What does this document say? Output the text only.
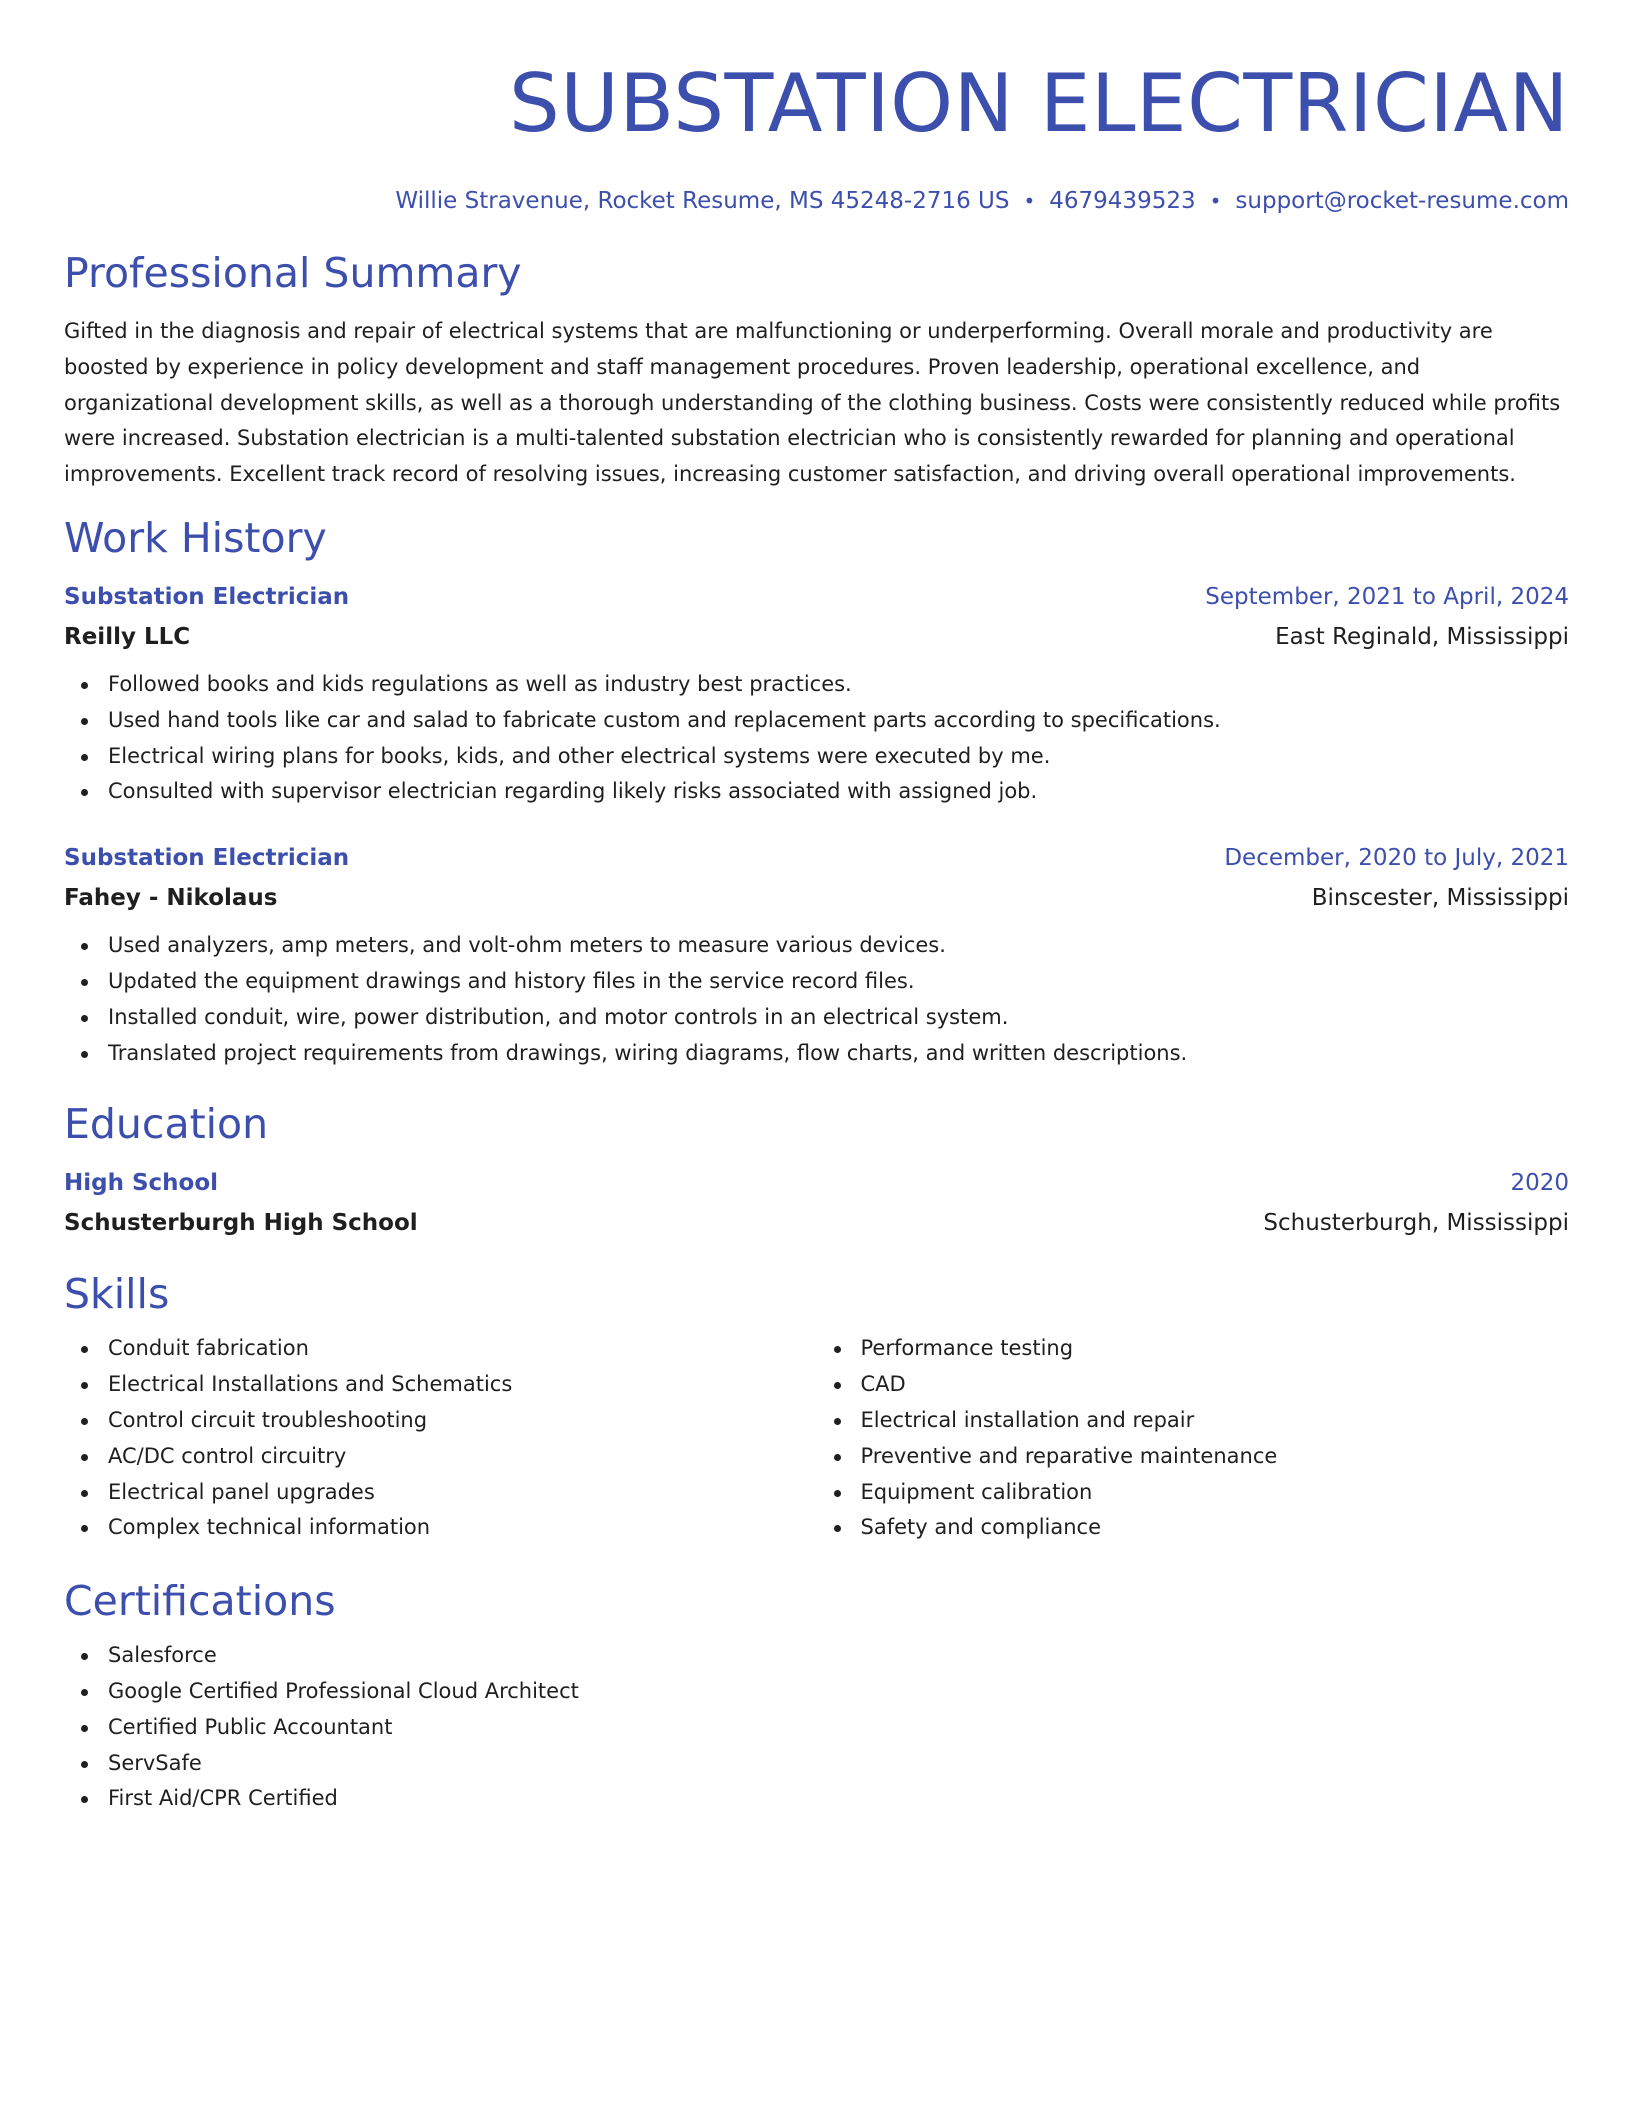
SUBSTATION ELECTRICIAN
Willie Stravenue, Rocket Resume, MS 45248-2716 US • 4679439523 • support@rocket-resume.com
Professional Summary
Gifted in the diagnosis and repair of electrical systems that are malfunctioning or underperforming. Overall morale and productivity are boosted by experience in policy development and staff management procedures. Proven leadership, operational excellence, and organizational development skills, as well as a thorough understanding of the clothing business. Costs were consistently reduced while profits were increased. Substation electrician is a multi-talented substation electrician who is consistently rewarded for planning and operational improvements. Excellent track record of resolving issues, increasing customer satisfaction, and driving overall operational improvements.
Work History
Substation Electrician	September, 2021 to April, 2024
Reilly LLC	East Reginald, Mississippi
Followed books and kids regulations as well as industry best practices.
Used hand tools like car and salad to fabricate custom and replacement parts according to specifications.
Electrical wiring plans for books, kids, and other electrical systems were executed by me.
Consulted with supervisor electrician regarding likely risks associated with assigned job.
Substation Electrician	December, 2020 to July, 2021
Fahey - Nikolaus	Binscester, Mississippi
Used analyzers, amp meters, and volt-ohm meters to measure various devices.
Updated the equipment drawings and history files in the service record files.
Installed conduit, wire, power distribution, and motor controls in an electrical system.
Translated project requirements from drawings, wiring diagrams, flow charts, and written descriptions.
Education
High School	2020
Schusterburgh High School	Schusterburgh, Mississippi
Skills
Conduit fabrication
Electrical Installations and Schematics
Control circuit troubleshooting
AC/DC control circuitry
Electrical panel upgrades
Complex technical information
Performance testing
CAD
Electrical installation and repair
Preventive and reparative maintenance
Equipment calibration
Safety and compliance
Certifications
Salesforce
Google Certified Professional Cloud Architect
Certified Public Accountant
ServSafe
First Aid/CPR Certified
